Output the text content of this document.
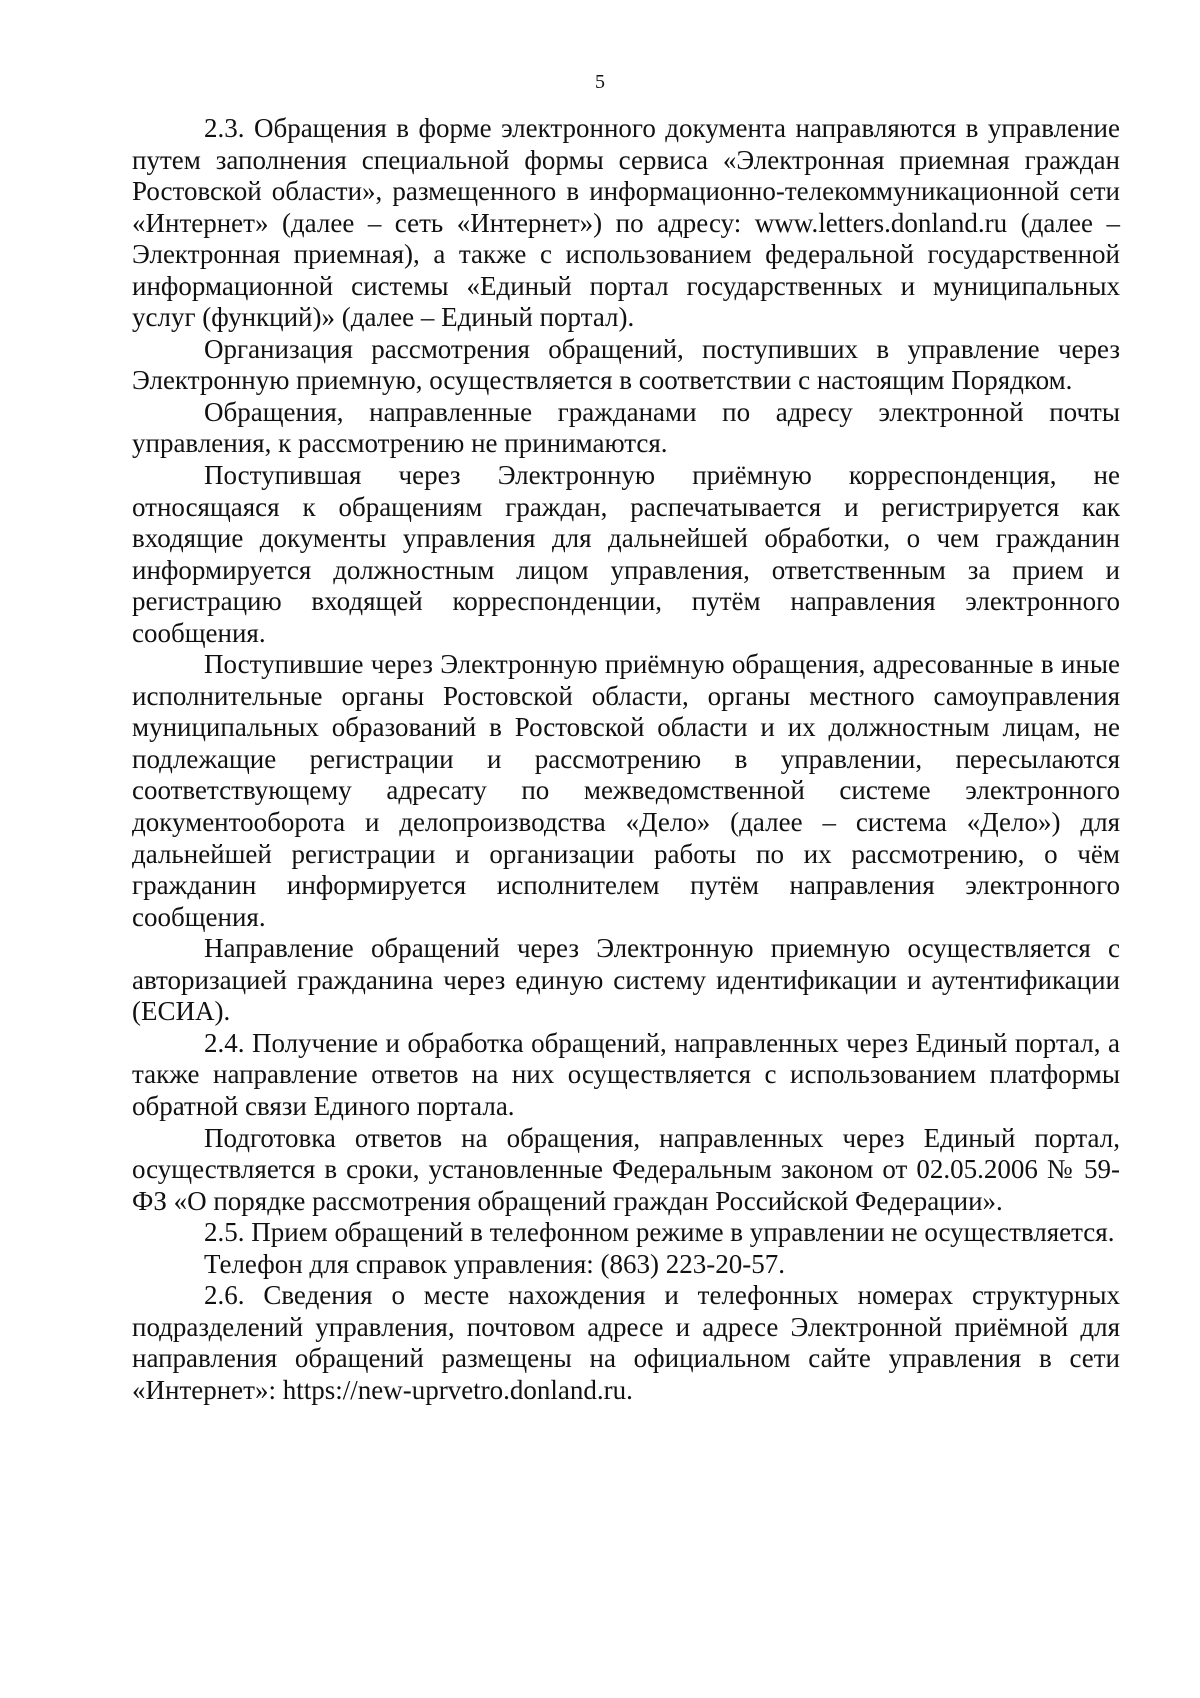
5

2.3. Обращения в форме электронного документа направляются в управление путем заполнения специальной формы сервиса «Электронная приемная граждан Ростовской области», размещенного в информационно-телекоммуникационной сети «Интернет» (далее – сеть «Интернет») по адресу: www.letters.donland.ru (далее – Электронная приемная), а также с использованием федеральной государственной информационной системы «Единый портал государственных и муниципальных услуг (функций)» (далее – Единый портал).

Организация рассмотрения обращений, поступивших в управление через Электронную приемную, осуществляется в соответствии с настоящим Порядком.

Обращения, направленные гражданами по адресу электронной почты управления, к рассмотрению не принимаются.

Поступившая через Электронную приёмную корреспонденция, не относящаяся к обращениям граждан, распечатывается и регистрируется как входящие документы управления для дальнейшей обработки, о чем гражданин информируется должностным лицом управления, ответственным за прием и регистрацию входящей корреспонденции, путём направления электронного сообщения.

Поступившие через Электронную приёмную обращения, адресованные в иные исполнительные органы Ростовской области, органы местного самоуправления муниципальных образований в Ростовской области и их должностным лицам, не подлежащие регистрации и рассмотрению в управлении, пересылаются соответствующему адресату по межведомственной системе электронного документооборота и делопроизводства «Дело» (далее – система «Дело») для дальнейшей регистрации и организации работы по их рассмотрению, о чём гражданин информируется исполнителем путём направления электронного сообщения.

Направление обращений через Электронную приемную осуществляется с авторизацией гражданина через единую систему идентификации и аутентификации (ЕСИА).

2.4. Получение и обработка обращений, направленных через Единый портал, а также направление ответов на них осуществляется с использованием платформы обратной связи Единого портала.

Подготовка ответов на обращения, направленных через Единый портал, осуществляется в сроки, установленные Федеральным законом от 02.05.2006 № 59-ФЗ «О порядке рассмотрения обращений граждан Российской Федерации».

2.5. Прием обращений в телефонном режиме в управлении не осуществляется.

Телефон для справок управления: (863) 223-20-57.

2.6. Сведения о месте нахождения и телефонных номерах структурных подразделений управления, почтовом адресе и адресе Электронной приёмной для направления обращений размещены на официальном сайте управления в сети «Интернет»: https://new-uprvetro.donland.ru.
